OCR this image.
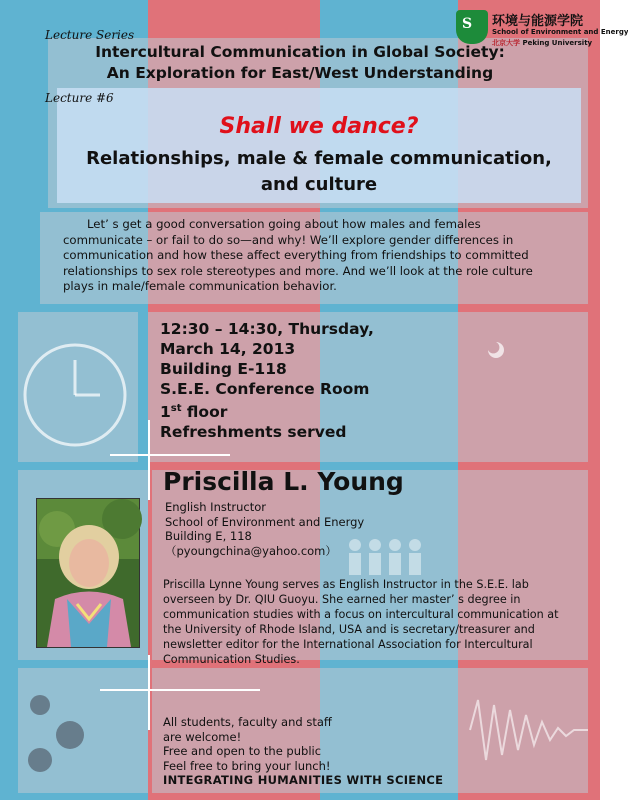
S 环境与能源学院
School of Environment and Energy
北京大学 Peking University
Lecture Series
Intercultural Communication in Global Society:
An Exploration for East/West Understanding
Lecture #6
Shall we dance?
Relationships, male & female communication,
and culture
Let’ s get a good conversation going about how males and females communicate – or fail to do so—and why! We’ll explore gender differences in communication and how these affect everything from friendships to committed relationships to sex role stereotypes and more. And we’ll look at the role culture plays in male/female communication behavior.
12:30 – 14:30, Thursday,
March 14, 2013
Building E-118
S.E.E. Conference Room
1st floor
Refreshments served
Priscilla L. Young
English Instructor
School of Environment and Energy
Building E, 118
（pyoungchina@yahoo.com）
Priscilla Lynne Young serves as English Instructor in the S.E.E. lab overseen by Dr. QIU Guoyu. She earned her master’ s degree in communication studies with a focus on intercultural communication at the University of Rhode Island, USA and is secretary/treasurer and newsletter editor for the International Association for Intercultural Communication Studies.
All students, faculty and staff
are welcome!
Free and open to the public
Feel free to bring your lunch!
INTEGRATING HUMANITIES WITH SCIENCE
